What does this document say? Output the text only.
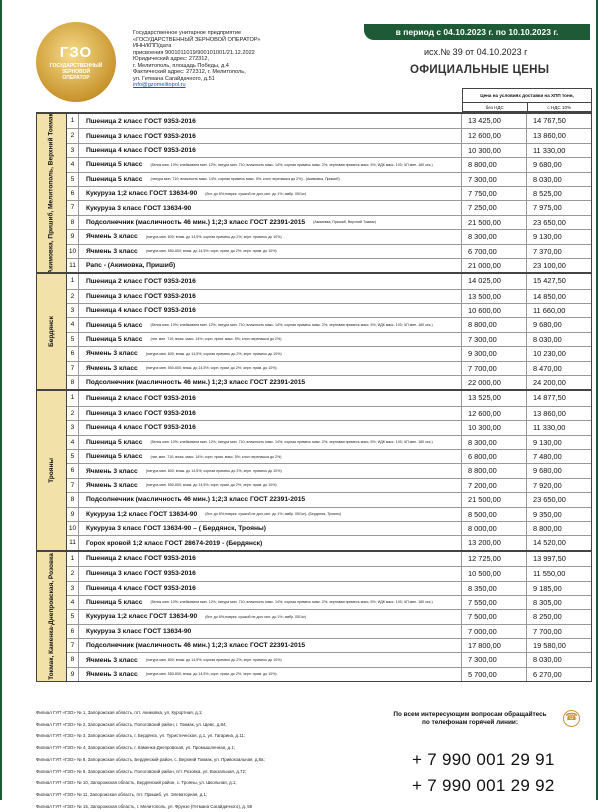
ГЗО
ГОСУДАРСТВЕННЫЙ
ЗЕРНОВОЙ
ОПЕРАТОР
Государственное унитарное предприятие
«ГОСУДАРСТВЕННЫЙ ЗЕРНОВОЙ ОПЕРАТОР»
ИНН/КПП/дата
присвоения 9001011019/900101001/21.12.2022
Юридический адрес: 272312,
г. Мелитополь, площадь Победы, д.4
Фактический адрес: 272312, г. Мелитополь,
ул. Гетмана Сагайдачного, д.51
info@gzomelitopol.ru
в период с 04.10.2023 г. по 10.10.2023 г.
исх.№ 39 от 04.10.2023 г
ОФИЦИАЛЬНЫЕ ЦЕНЫ
Цена на условиях доставки на ХПП тонн,
без НДС	с НДС 10%
Акимовка, Пришиб, Мелитополь, Верхний Токмак	1	Пшеница 2 класс ГОСТ 9353-2016	13 425,00	14 767,50
2	Пшеница 3 класс ГОСТ 9353-2016	12 600,00	13 860,00
3	Пшеница 4 класс ГОСТ 9353-2016	10 300,00	11 330,00
4	Пшеница 5 класс (белок мин. 10%; клейковина мин. 12%; натура мин. 710; влажность макс. 14%; сорная примесь макс. 2%; зерновая примесь макс. 5%; ИДК макс. 100; ЧП мин. 180 сек.)	8 800,00	9 680,00
5	Пшеница 5 класс (натура мин. 710; влажность макс. 14%; сорная примесь макс. 5%; клоп черепашка до 2%) - (Акимовка, Пришиб)	7 300,00	8 030,00
6	Кукуруза 1;2 класс ГОСТ 13634-90 (бит. до 6%;поврек. сушкой не доп.;исп. до 1%; амбр. 05/1кг)	7 750,00	8 525,00
7	Кукуруза 3 класс ГОСТ 13634-90	7 250,00	7 975,00
8	Подсолнечник (масличность 46 мин.) 1;2;3 класс ГОСТ 22391-2015 (Акимовка, Пришиб, Верхний Токмак)	21 500,00	23 650,00
9	Ячмень 3 класс (натура мин. 600; влаж. до 14,5%; сорная примесь до 2%; зерн. примесь до 10%)	8 300,00	9 130,00
10	Ячмень 3 класс (натура мин. 550-600; влаж. до 14,5%; сорн. прим. до 2%; зерн. прим. до 10%)	6 700,00	7 370,00
11	Рапс - (Акимовка, Пришиб)	21 000,00	23 100,00
Бердянск
1	Пшеница 2 класс ГОСТ 9353-2016	14 025,00	15 427,50
2	Пшеница 3 класс ГОСТ 9353-2016	13 500,00	14 850,00
3	Пшеница 4 класс ГОСТ 9353-2016	10 600,00	11 660,00
4	Пшеница 5 класс (белок мин. 10%; клейковина мин. 12%; натура мин. 710; влажность макс. 14%; сорная примесь макс. 2%; зерновая примесь макс. 5%; ИДК макс. 100; ЧП мин. 180 сек.)	8 800,00	9 680,00
5	Пшеница 5 класс (нат. мин. 710; влаж. макс. 14%; сорн. прим. макс. 5%; клоп черепашка до 2%)	7 300,00	8 030,00
6	Ячмень 3 класс (натура мин. 600; влаж. до 14,5%; сорная примесь до 2%; зерн. примесь до 10%)	9 300,00	10 230,00
7	Ячмень 3 класс (натура мин. 550-600; влаж. до 14,5%; сорн. прим. до 2%; зерн. прим. до 10%)	7 700,00	8 470,00
8	Подсолнечник (масличность 46 мин.) 1;2;3 класс ГОСТ 22391-2015	22 000,00	24 200,00
Трояны
1	Пшеница 2 класс ГОСТ 9353-2016	13 525,00	14 877,50
2	Пшеница 3 класс ГОСТ 9353-2016	12 600,00	13 860,00
3	Пшеница 4 класс ГОСТ 9353-2016	10 300,00	11 330,00
4	Пшеница 5 класс (белок мин. 10%; клейковина мин. 12%; натура мин. 710; влажность макс. 14%; сорная примесь макс. 2%; зерновая примесь макс. 5%; ИДК макс. 100; ЧП мин. 180 сек.)	8 300,00	9 130,00
5	Пшеница 5 класс (нат. мин. 710; влаж. макс. 14%; сорн. прим. макс. 5%; клоп черепашка до 2%)	6 800,00	7 480,00
6	Ячмень 3 класс (натура мин. 600; влаж. до 14,5%; сорная примесь до 2%; зерн. примесь до 10%)	8 800,00	9 680,00
7	Ячмень 3 класс (натура мин. 550-600; влаж. до 14,5%; сорн. прим. до 2%; зерн. прим. до 10%)	7 200,00	7 920,00
8	Подсолнечник (масличность 46 мин.) 1;2;3 класс ГОСТ 22391-2015	21 500,00	23 650,00
9	Кукуруза 1;2 класс ГОСТ 13634-90 (бит. до 6%;поврек. сушкой не доп.;исп. до 1%; амбр. 05/1кг)- (Бердянск, Трояны)	8 500,00	9 350,00
10	Кукуруза 3 класс ГОСТ 13634-90 – ( Бердянск, Трояны)	8 000,00	8 800,00
11	Горох кровой 1;2 класс ГОСТ 28674-2019 - (Бердянск)	13 200,00	14 520,00
Токмак, Каменка-Днепровская, Розовка	1	Пшеница 2 класс ГОСТ 9353-2016	12 725,00	13 997,50
2	Пшеница 3 класс ГОСТ 9353-2016	10 500,00	11 550,00
3	Пшеница 4 класс ГОСТ 9353-2016	8 350,00	9 185,00
4	Пшеница 5 класс (белок мин. 10%; клейковина мин. 12%; натура мин. 710; влажность макс. 14%; сорная примесь макс. 2%; зерновая примесь макс. 5%; ИДК макс. 100; ЧП мин. 180 сек.)	7 550,00	8 305,00
5	Кукуруза 1;2 класс ГОСТ 13634-90 (бит. до 6%;поврек. сушкой не доп.;исп. до 1%; амбр. 05/1кг)	7 500,00	8 250,00
6	Кукуруза 3 класс ГОСТ 13634-90	7 000,00	7 700,00
7	Подсолнечник (масличность 46 мин.) 1;2;3 класс ГОСТ 22391-2015	17 800,00	19 580,00
8	Ячмень 3 класс (натура мин. 600; влаж. до 14,5%; сорная примесь до 2%; зерн. примесь до 10%)	7 300,00	8 030,00
9	Ячмень 3 класс (натура мин. 550-600; влаж. до 14,5%; сорн. прим. до 2%; зерн. прим. до 10%)	5 700,00	6 270,00
Филиал ГУП «ГЗО» № 1, Запорожская область, пгт. Акимовка, ул. Курортная, д.1;
Филиал ГУП «ГЗО» № 2, Запорожская область, Пологовский район, г. Токмак, ул. Щевс, д.84;
Филиал ГУП «ГЗО» № 3, Запорожская область, г. Бердянск, ул. Туристическая, д.1, ул. Гагарина, д.11;
Филиал ГУП «ГЗО» № 4, Запорожская область, г. Каменка-Днепровская, ул. Промышленная, д.1;
Филиал ГУП «ГЗО» № 8, Запорожская область, Бердянский район, с. Верхний Токмак, ул. Привокзальная, д.8а;
Филиал ГУП «ГЗО» № 9, Запорожская область, Пологовский район, пгт. Розовка, ул. Вокзальная, д.72;
Филиал ГУП «ГЗО» № 10, Запорожская область, Бердянский район, с. Трояны, ул. Школьная, д.1;
Филиал ГУП «ГЗО» № 11, Запорожская область, пгт. Пришиб, ул. Элеваторная, д.1;
Филиал ГУП «ГЗО» № 15, Запорожская область, г. Мелитополь, ул. Фрунзе (Гетмана Сагайдачного), д. 59
По всем интересующим вопросам обращайтесь по телефонам горячей линии:	☎
+ 7 990 001 29 91
+ 7 990 001 29 92
